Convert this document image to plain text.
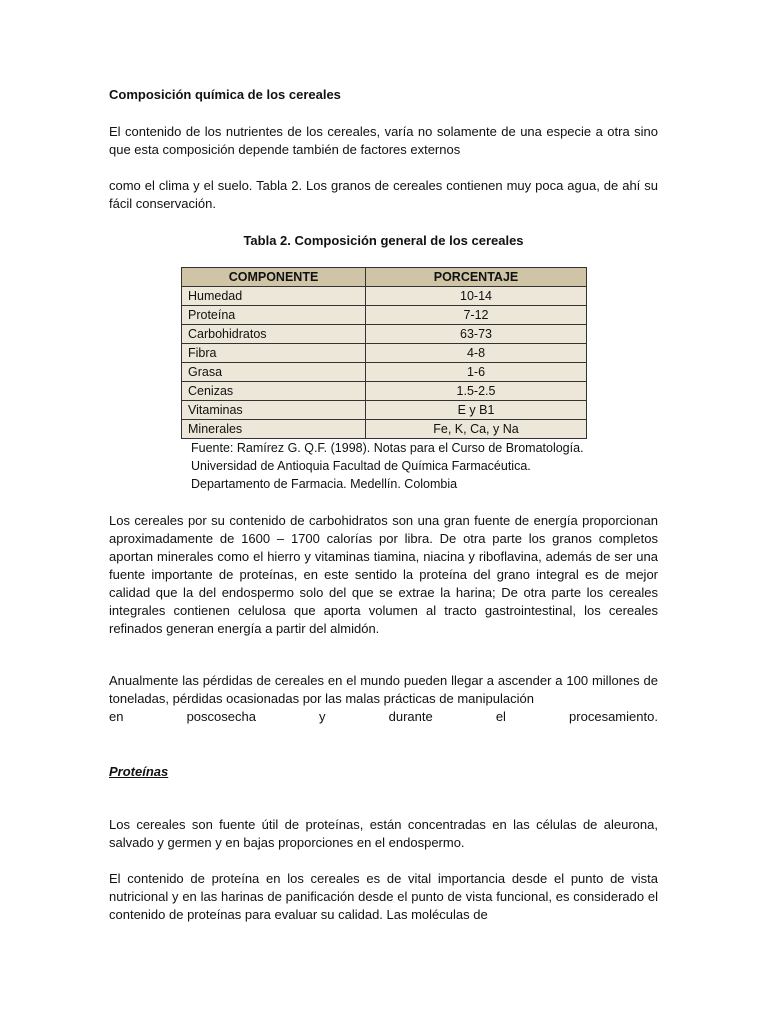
Composición química de los cereales

El contenido de los nutrientes de los cereales, varía no solamente de una especie a otra sino que esta composición depende también de factores externos

como el clima y el suelo. Tabla 2. Los granos de cereales contienen muy poca agua, de ahí su fácil conservación.

Tabla 2. Composición general de los cereales
COMPONENTE	PORCENTAJE
Humedad	10-14
Proteína	7-12
Carbohidratos	63-73
Fibra	4-8
Grasa	1-6
Cenizas	1.5-2.5
Vitaminas	E y B1
Minerales	Fe, K, Ca, y Na
Fuente: Ramírez G. Q.F. (1998). Notas para el Curso de Bromatología.
Universidad de Antioquia Facultad de Química Farmacéutica.
Departamento de Farmacia. Medellín. Colombia

Los cereales por su contenido de carbohidratos son una gran fuente de energía proporcionan aproximadamente de 1600 – 1700 calorías por libra. De otra parte los granos completos aportan minerales como el hierro y vitaminas tiamina, niacina y riboflavina, además de ser una fuente importante de proteínas, en este sentido la proteína del grano integral es de mejor calidad que la del endospermo solo del que se extrae la harina; De otra parte los cereales integrales contienen celulosa que aporta volumen al tracto gastrointestinal, los cereales refinados generan energía a partir del almidón.

Anualmente las pérdidas de cereales en el mundo pueden llegar a ascender a 100 millones de toneladas, pérdidas ocasionadas por las malas prácticas de manipulación

en	poscosecha	y	durante	el	procesamiento.
Proteínas

Los cereales son fuente útil de proteínas, están concentradas en las células de aleurona, salvado y germen y en bajas proporciones en el endospermo.

El contenido de proteína en los cereales es de vital importancia desde el punto de vista nutricional y en las harinas de panificación desde el punto de vista funcional, es considerado el contenido de proteínas para evaluar su calidad. Las moléculas de
